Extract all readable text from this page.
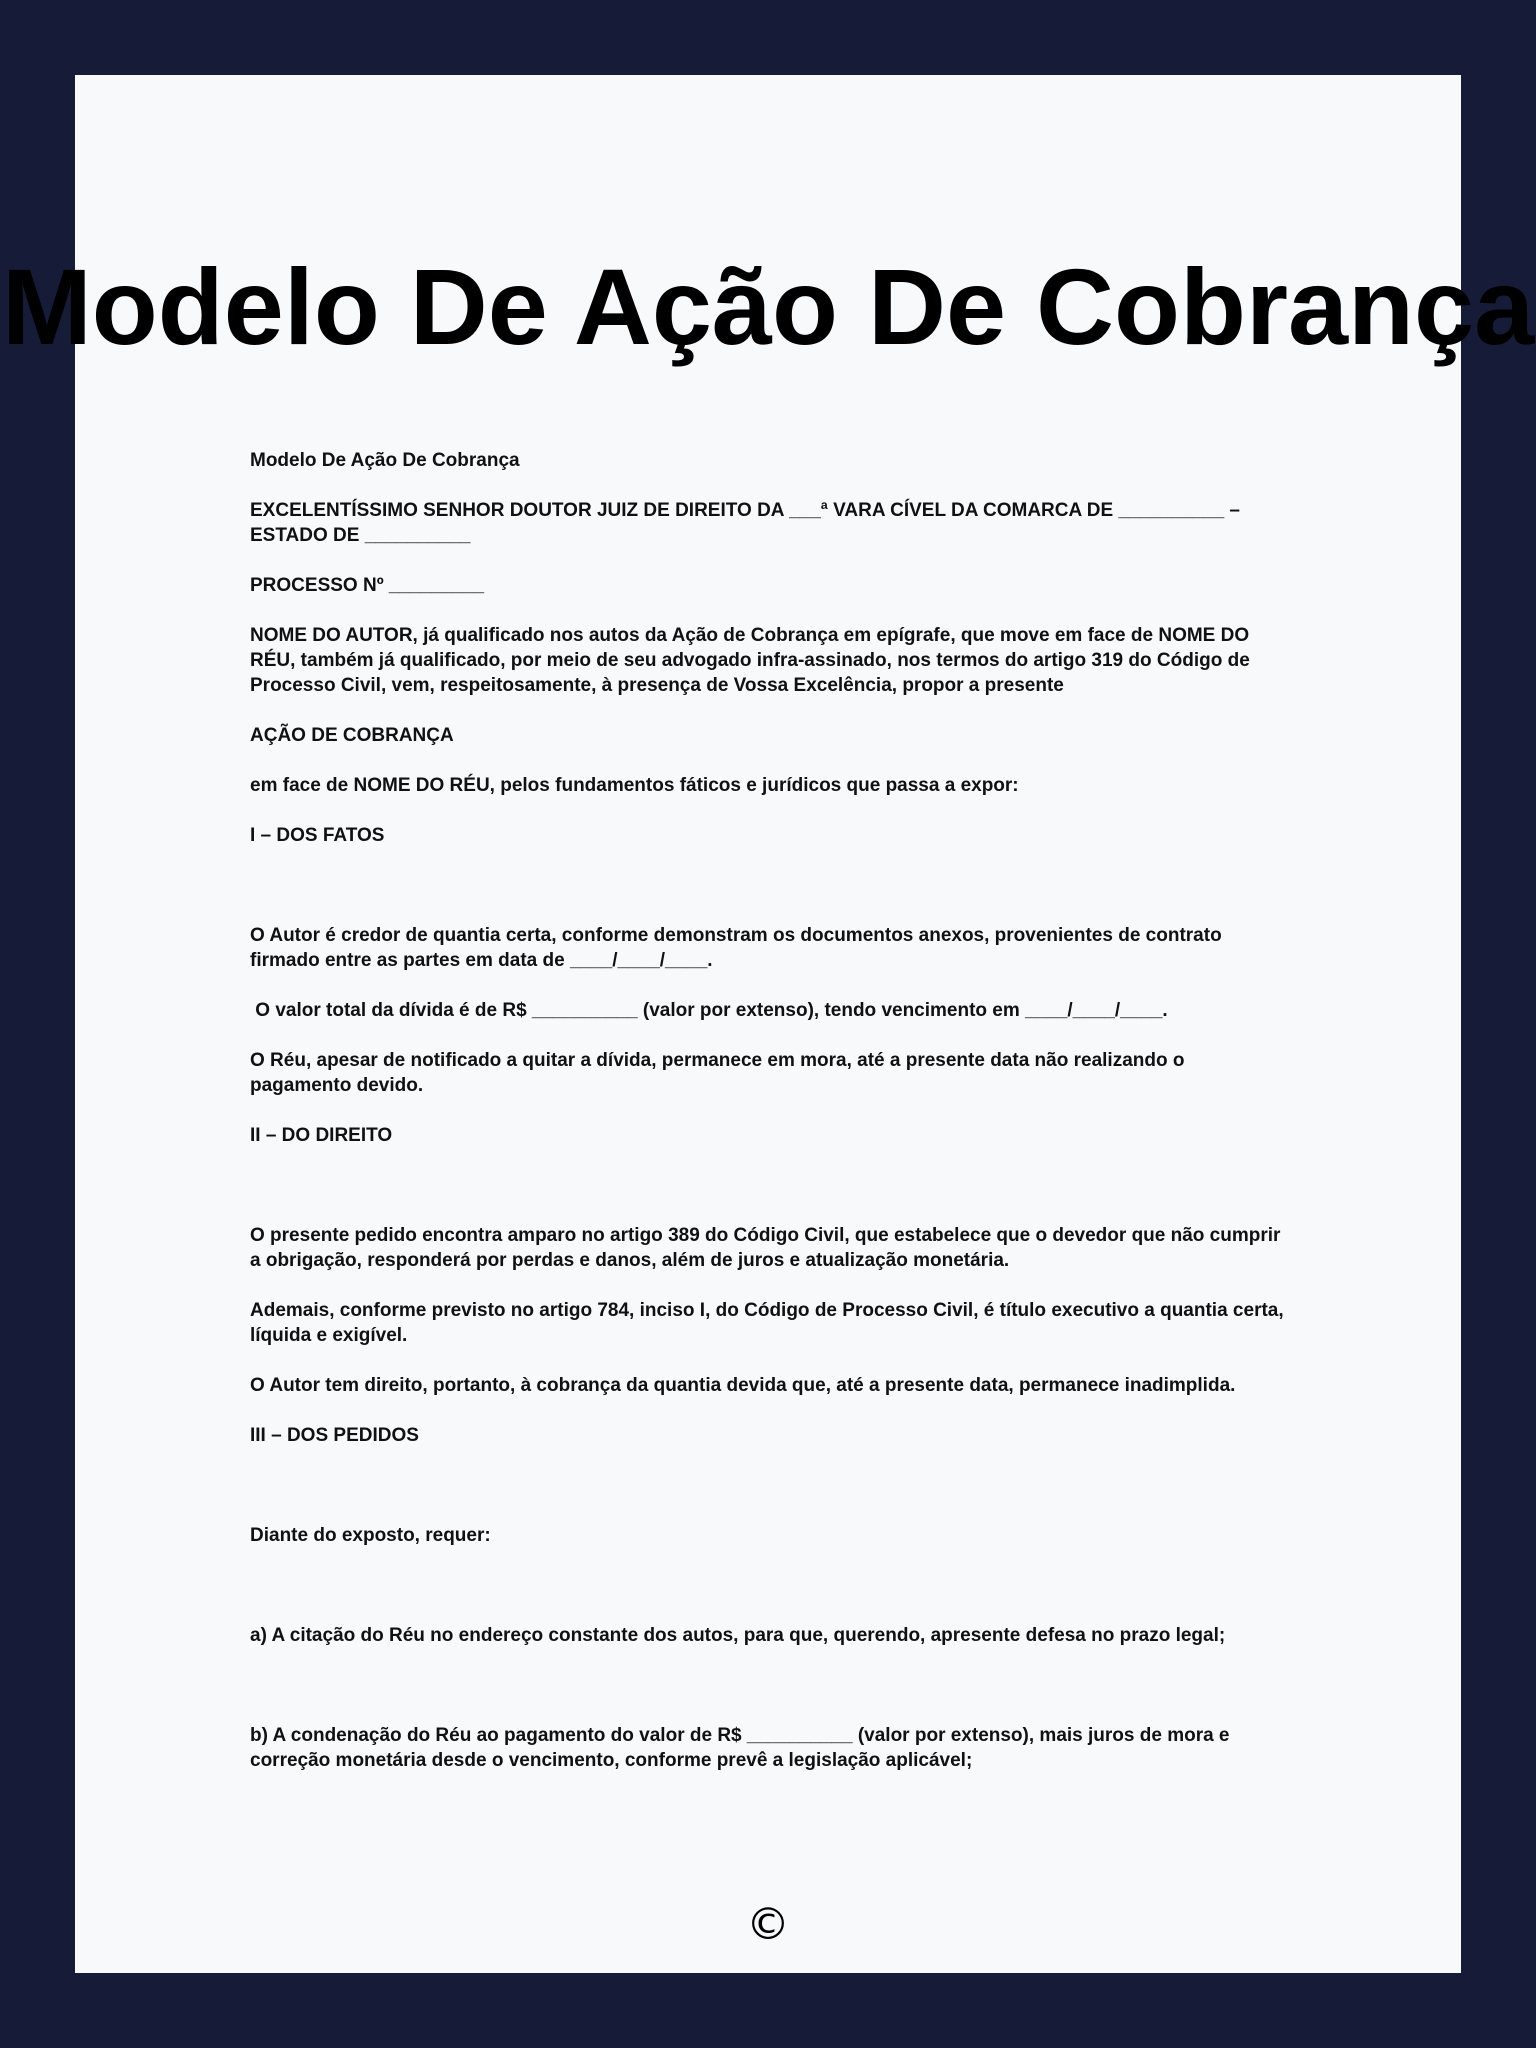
Modelo De Ação De Cobrança

Modelo De Ação De Cobrança

EXCELENTÍSSIMO SENHOR DOUTOR JUIZ DE DIREITO DA ___ª VARA CÍVEL DA COMARCA DE __________ – ESTADO DE __________

PROCESSO Nº _________

NOME DO AUTOR, já qualificado nos autos da Ação de Cobrança em epígrafe, que move em face de NOME DO RÉU, também já qualificado, por meio de seu advogado infra-assinado, nos termos do artigo 319 do Código de Processo Civil, vem, respeitosamente, à presença de Vossa Excelência, propor a presente

AÇÃO DE COBRANÇA

em face de NOME DO RÉU, pelos fundamentos fáticos e jurídicos que passa a expor:

I – DOS FATOS

O Autor é credor de quantia certa, conforme demonstram os documentos anexos, provenientes de contrato firmado entre as partes em data de ____/____/____.

O valor total da dívida é de R$ __________ (valor por extenso), tendo vencimento em ____/____/____.

O Réu, apesar de notificado a quitar a dívida, permanece em mora, até a presente data não realizando o pagamento devido.

II – DO DIREITO

O presente pedido encontra amparo no artigo 389 do Código Civil, que estabelece que o devedor que não cumprir a obrigação, responderá por perdas e danos, além de juros e atualização monetária.

Ademais, conforme previsto no artigo 784, inciso I, do Código de Processo Civil, é título executivo a quantia certa, líquida e exigível.

O Autor tem direito, portanto, à cobrança da quantia devida que, até a presente data, permanece inadimplida.

III – DOS PEDIDOS

Diante do exposto, requer:

a) A citação do Réu no endereço constante dos autos, para que, querendo, apresente defesa no prazo legal;

b) A condenação do Réu ao pagamento do valor de R$ __________ (valor por extenso), mais juros de mora e correção monetária desde o vencimento, conforme prevê a legislação aplicável;

©
